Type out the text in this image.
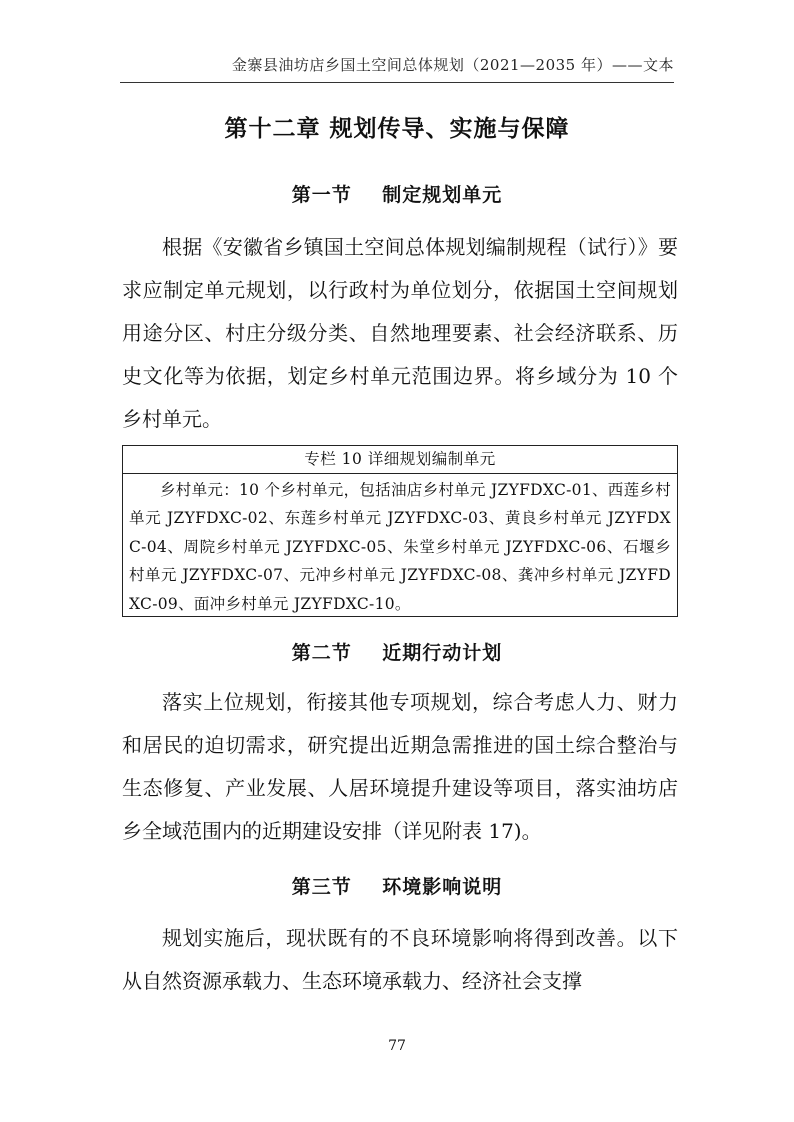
金寨县油坊店乡国土空间总体规划（2021—2035 年）——文本
第十二章 规划传导、实施与保障
第一节    制定规划单元

根据《安徽省乡镇国土空间总体规划编制规程（试行）》要求应制定单元规划，以行政村为单位划分，依据国土空间规划用途分区、村庄分级分类、自然地理要素、社会经济联系、历史文化等为依据，划定乡村单元范围边界。将乡域分为 10 个乡村单元。

专栏 10 详细规划编制单元
乡村单元：10 个乡村单元，包括油店乡村单元 JZYFDXC-01、西莲乡村单元 JZYFDXC-02、东莲乡村单元 JZYFDXC-03、黄良乡村单元 JZYFDXC-04、周院乡村单元 JZYFDXC-05、朱堂乡村单元 JZYFDXC-06、石堰乡村单元 JZYFDXC-07、元冲乡村单元 JZYFDXC-08、龚冲乡村单元 JZYFDXC-09、面冲乡村单元 JZYFDXC-10。
第二节    近期行动计划

落实上位规划，衔接其他专项规划，综合考虑人力、财力和居民的迫切需求，研究提出近期急需推进的国土综合整治与生态修复、产业发展、人居环境提升建设等项目，落实油坊店乡全域范围内的近期建设安排（详见附表 17)。

第三节    环境影响说明

规划实施后，现状既有的不良环境影响将得到改善。以下从自然资源承载力、生态环境承载力、经济社会支撑

77
